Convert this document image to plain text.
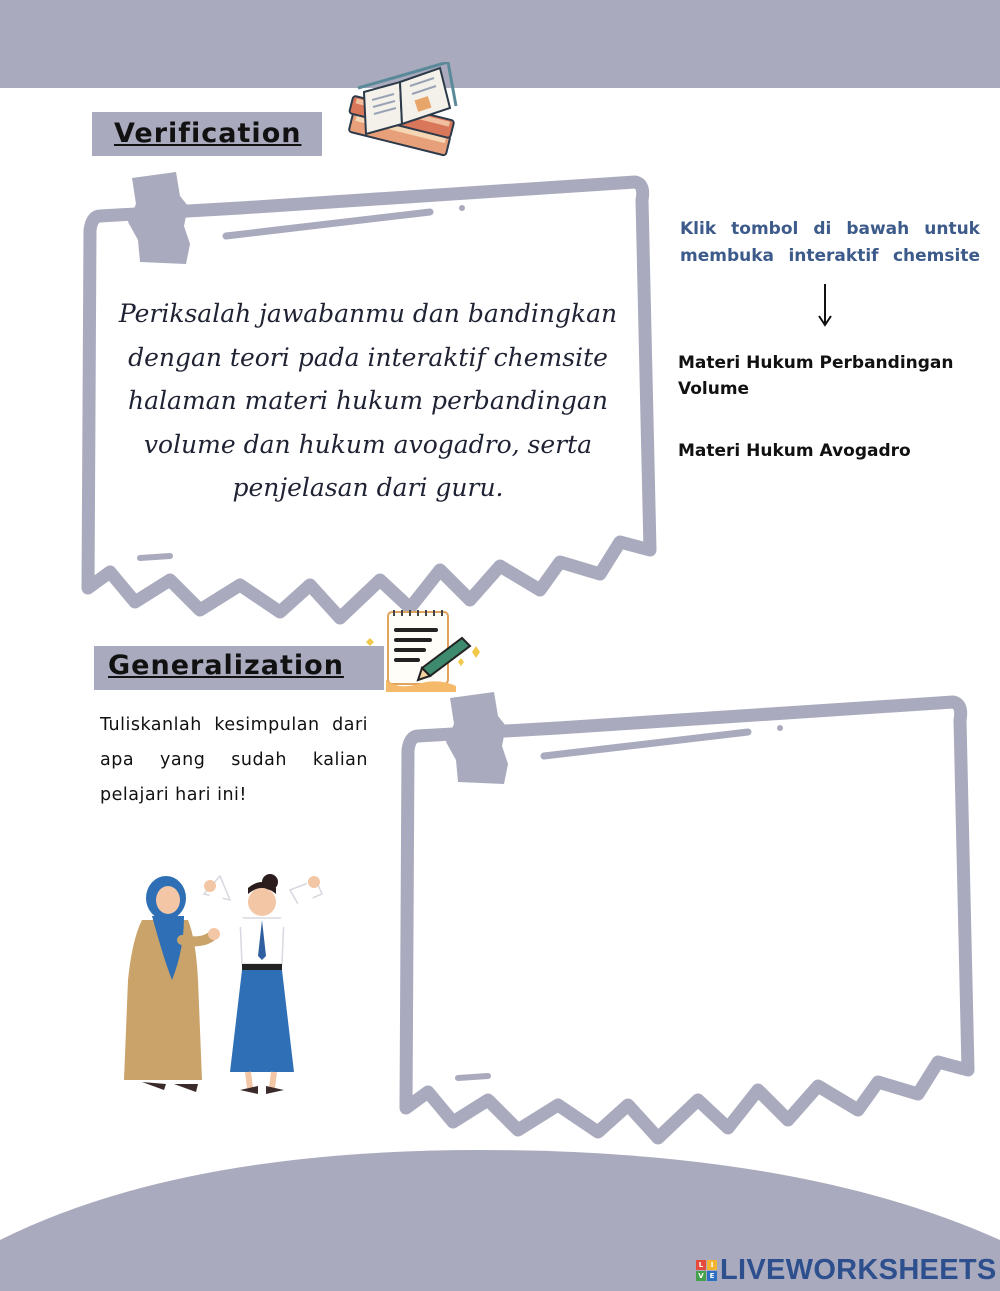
Verification
Periksalah jawabanmu dan bandingkan dengan teori pada interaktif chemsite halaman materi hukum perbandingan volume dan hukum avogadro, serta penjelasan dari guru.
Klik tombol di bawah untuk membuka interaktif chemsite
Materi Hukum Perbandingan Volume
Materi Hukum Avogadro
Generalization
Tuliskanlah kesimpulan dari apa yang sudah kalian pelajari hari ini!
L	I
V E LIVEWORKSHEETS
